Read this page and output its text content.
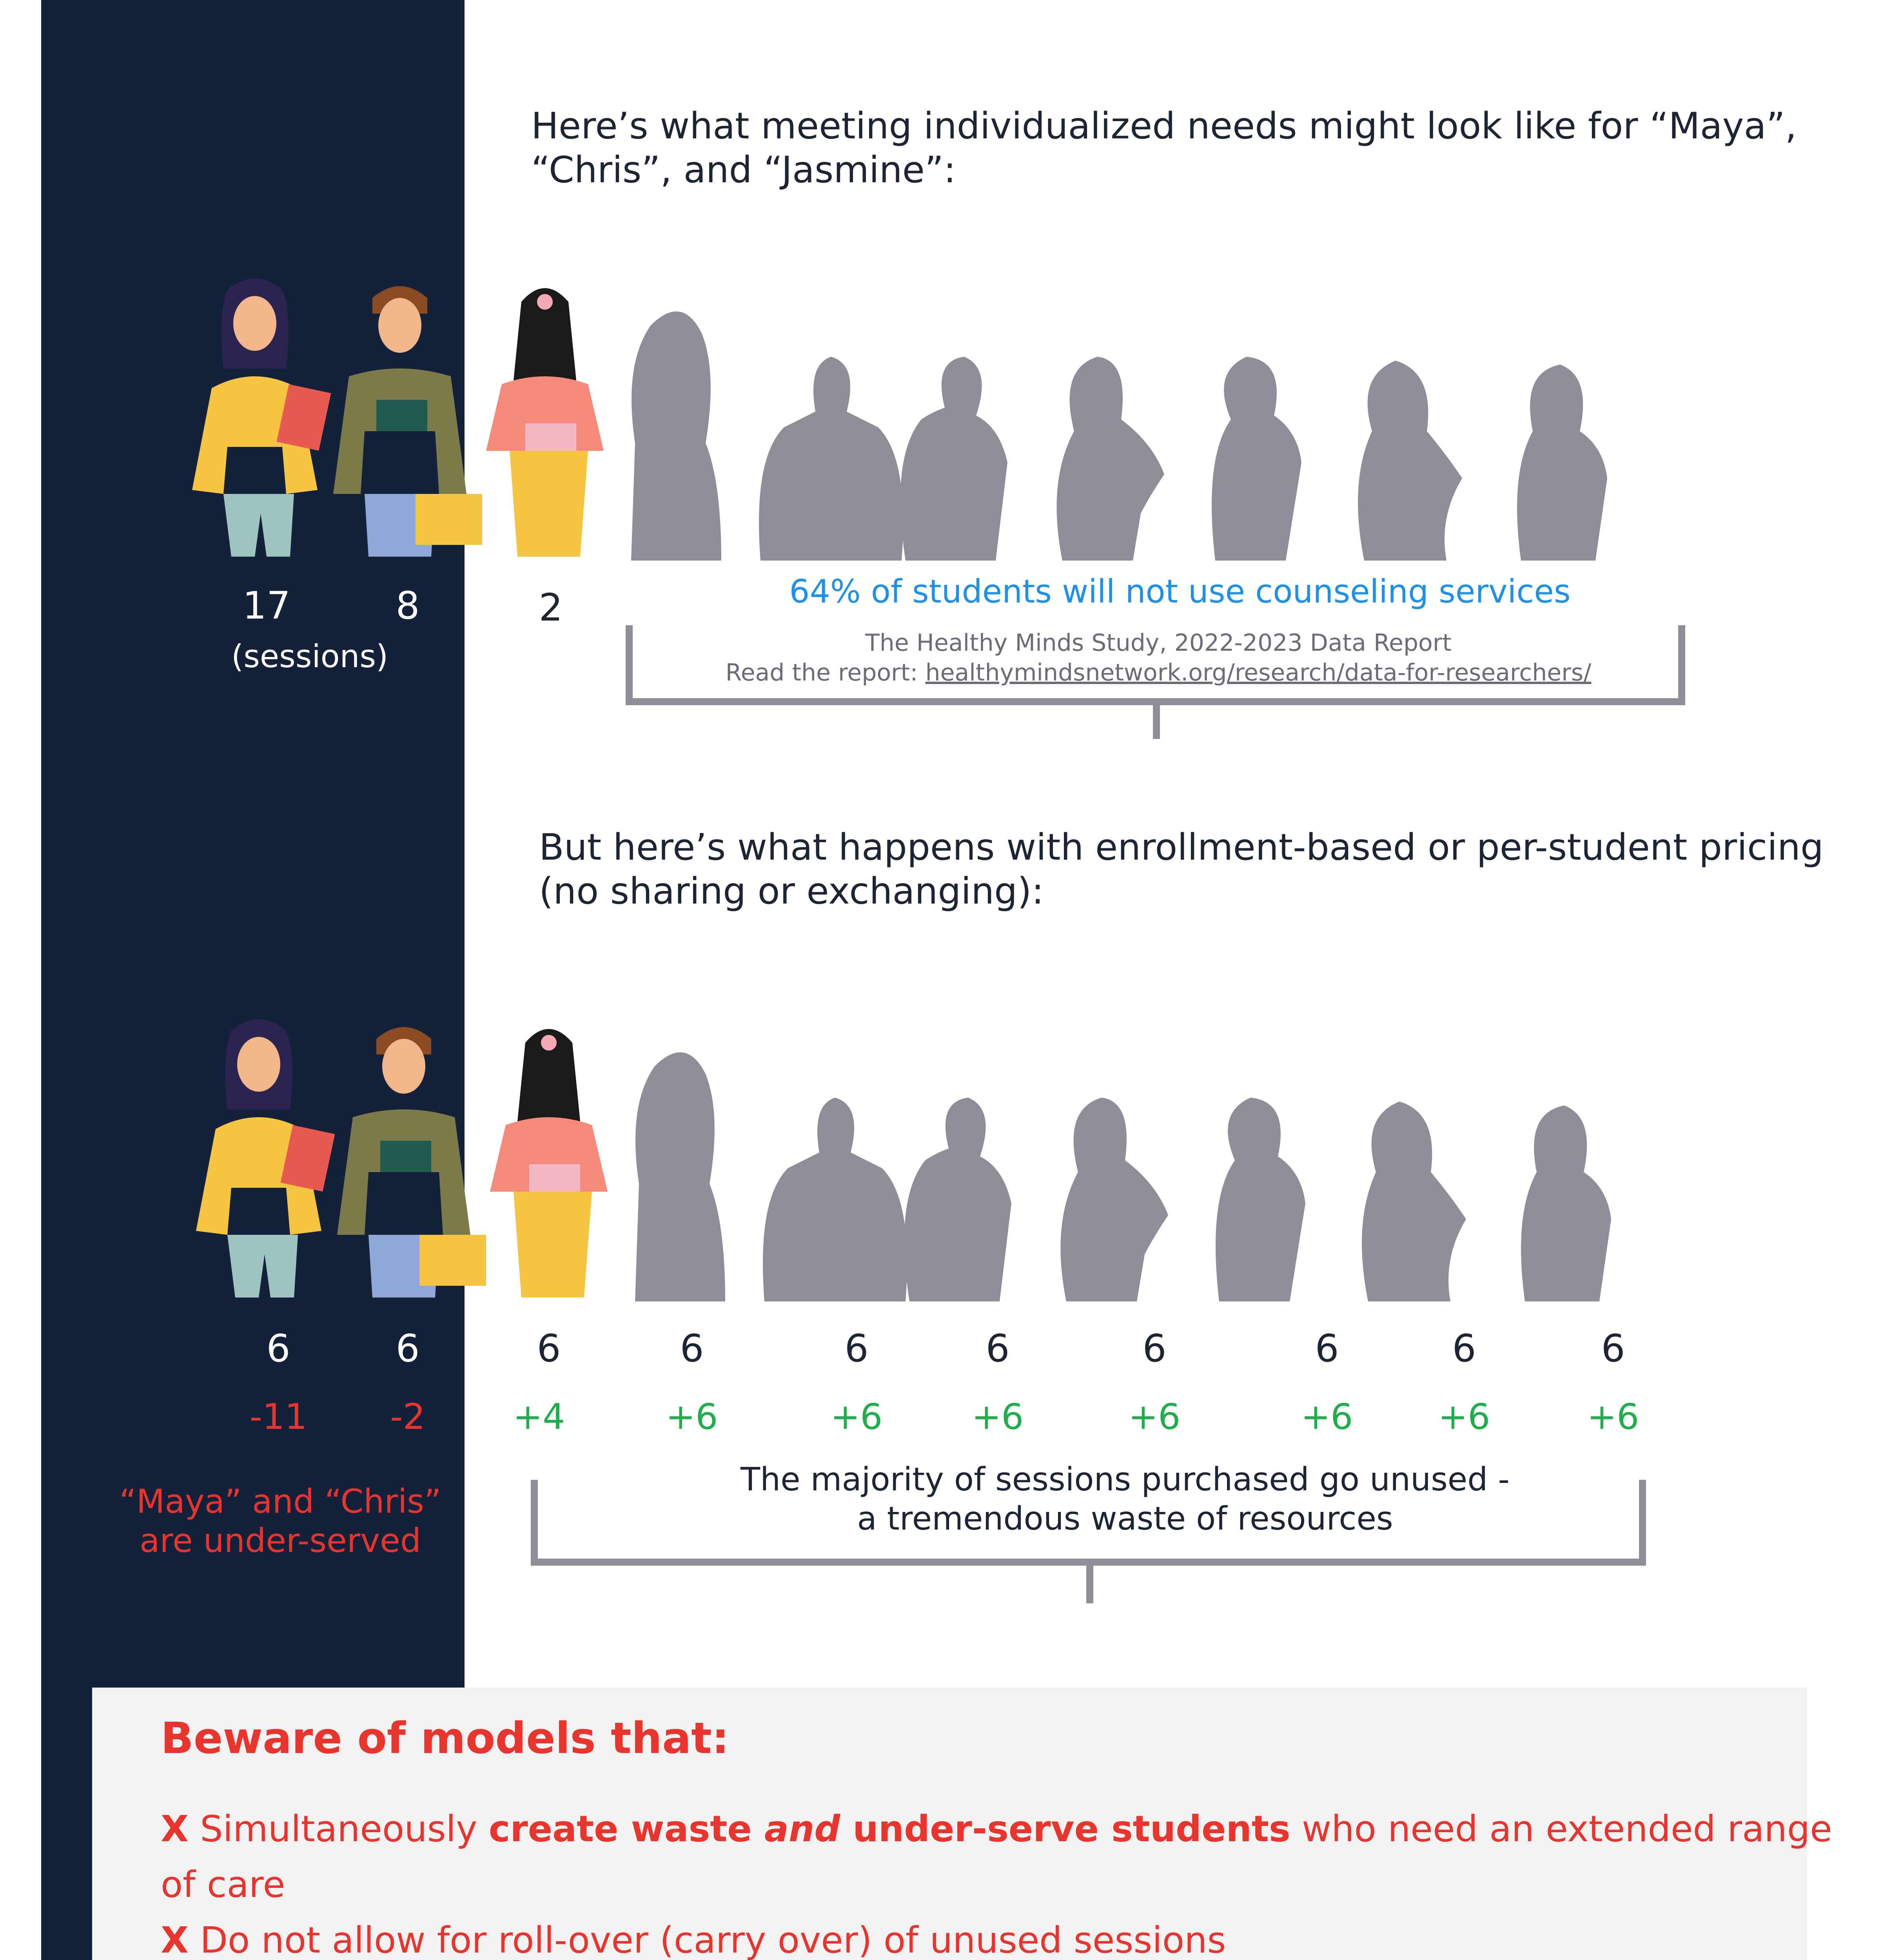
Here’s what meeting individualized needs might look like for “Maya”,
“Chris”, and “Jasmine”:
17	8	2
(sessions)
64% of students will not use counseling services
The Healthy Minds Study, 2022-2023 Data Report
Read the report: healthymindsnetwork.org/research/data-for-researchers/
But here’s what happens with enrollment-based or per-student pricing
(no sharing or exchanging):
6	6	6	6	6	6	6	6	6	6
-11	-2	+4	+6	+6	+6	+6	+6	+6	+6
“Maya” and “Chris”
are under-served
The majority of sessions purchased go unused -
a tremendous waste of resources
Beware of models that:
X Simultaneously create waste and under-serve students who need an extended range
of care
X Do not allow for roll-over (carry over) of unused sessions
